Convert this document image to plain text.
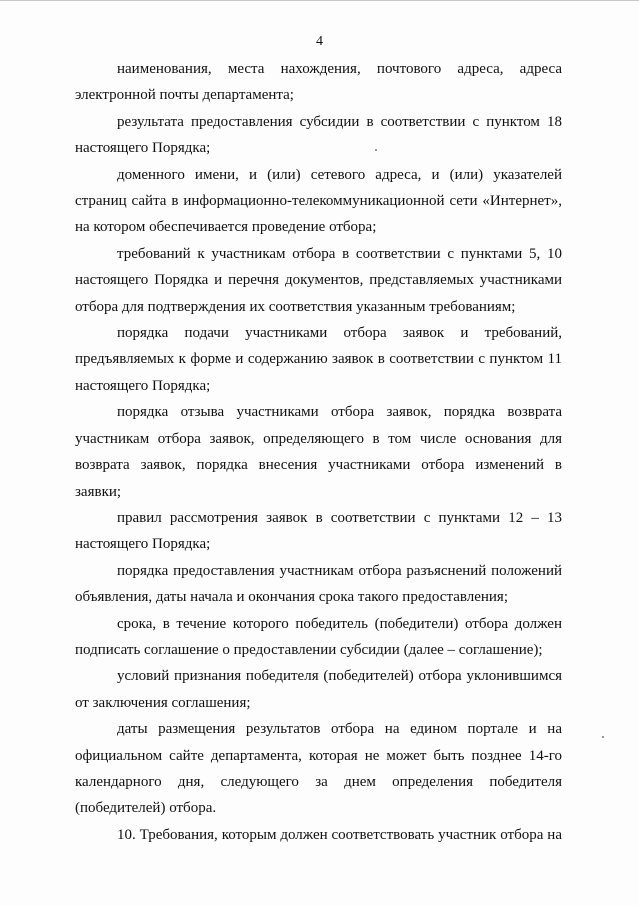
4
наименования, места нахождения, почтового адреса, адреса
электронной почты департамента;
результата предоставления субсидии в соответствии с пунктом 18
настоящего Порядка;
доменного имени, и (или) сетевого адреса, и (или) указателей
страниц сайта в информационно-телекоммуникационной сети «Интернет»,
на котором обеспечивается проведение отбора;
требований к участникам отбора в соответствии с пунктами 5, 10
настоящего Порядка и перечня документов, представляемых участниками
отбора для подтверждения их соответствия указанным требованиям;
порядка подачи участниками отбора заявок и требований,
предъявляемых к форме и содержанию заявок в соответствии с пунктом 11
настоящего Порядка;
порядка отзыва участниками отбора заявок, порядка возврата
участникам отбора заявок, определяющего в том числе основания для
возврата заявок, порядка внесения участниками отбора изменений в
заявки;
правил рассмотрения заявок в соответствии с пунктами 12 – 13
настоящего Порядка;
порядка предоставления участникам отбора разъяснений положений
объявления, даты начала и окончания срока такого предоставления;
срока, в течение которого победитель (победители) отбора должен
подписать соглашение о предоставлении субсидии (далее – соглашение);
условий признания победителя (победителей) отбора уклонившимся
от заключения соглашения;
даты размещения результатов отбора на едином портале и на
официальном сайте департамента, которая не может быть позднее 14-го
календарного дня, следующего за днем определения победителя
(победителей) отбора.
10. Требования, которым должен соответствовать участник отбора на
